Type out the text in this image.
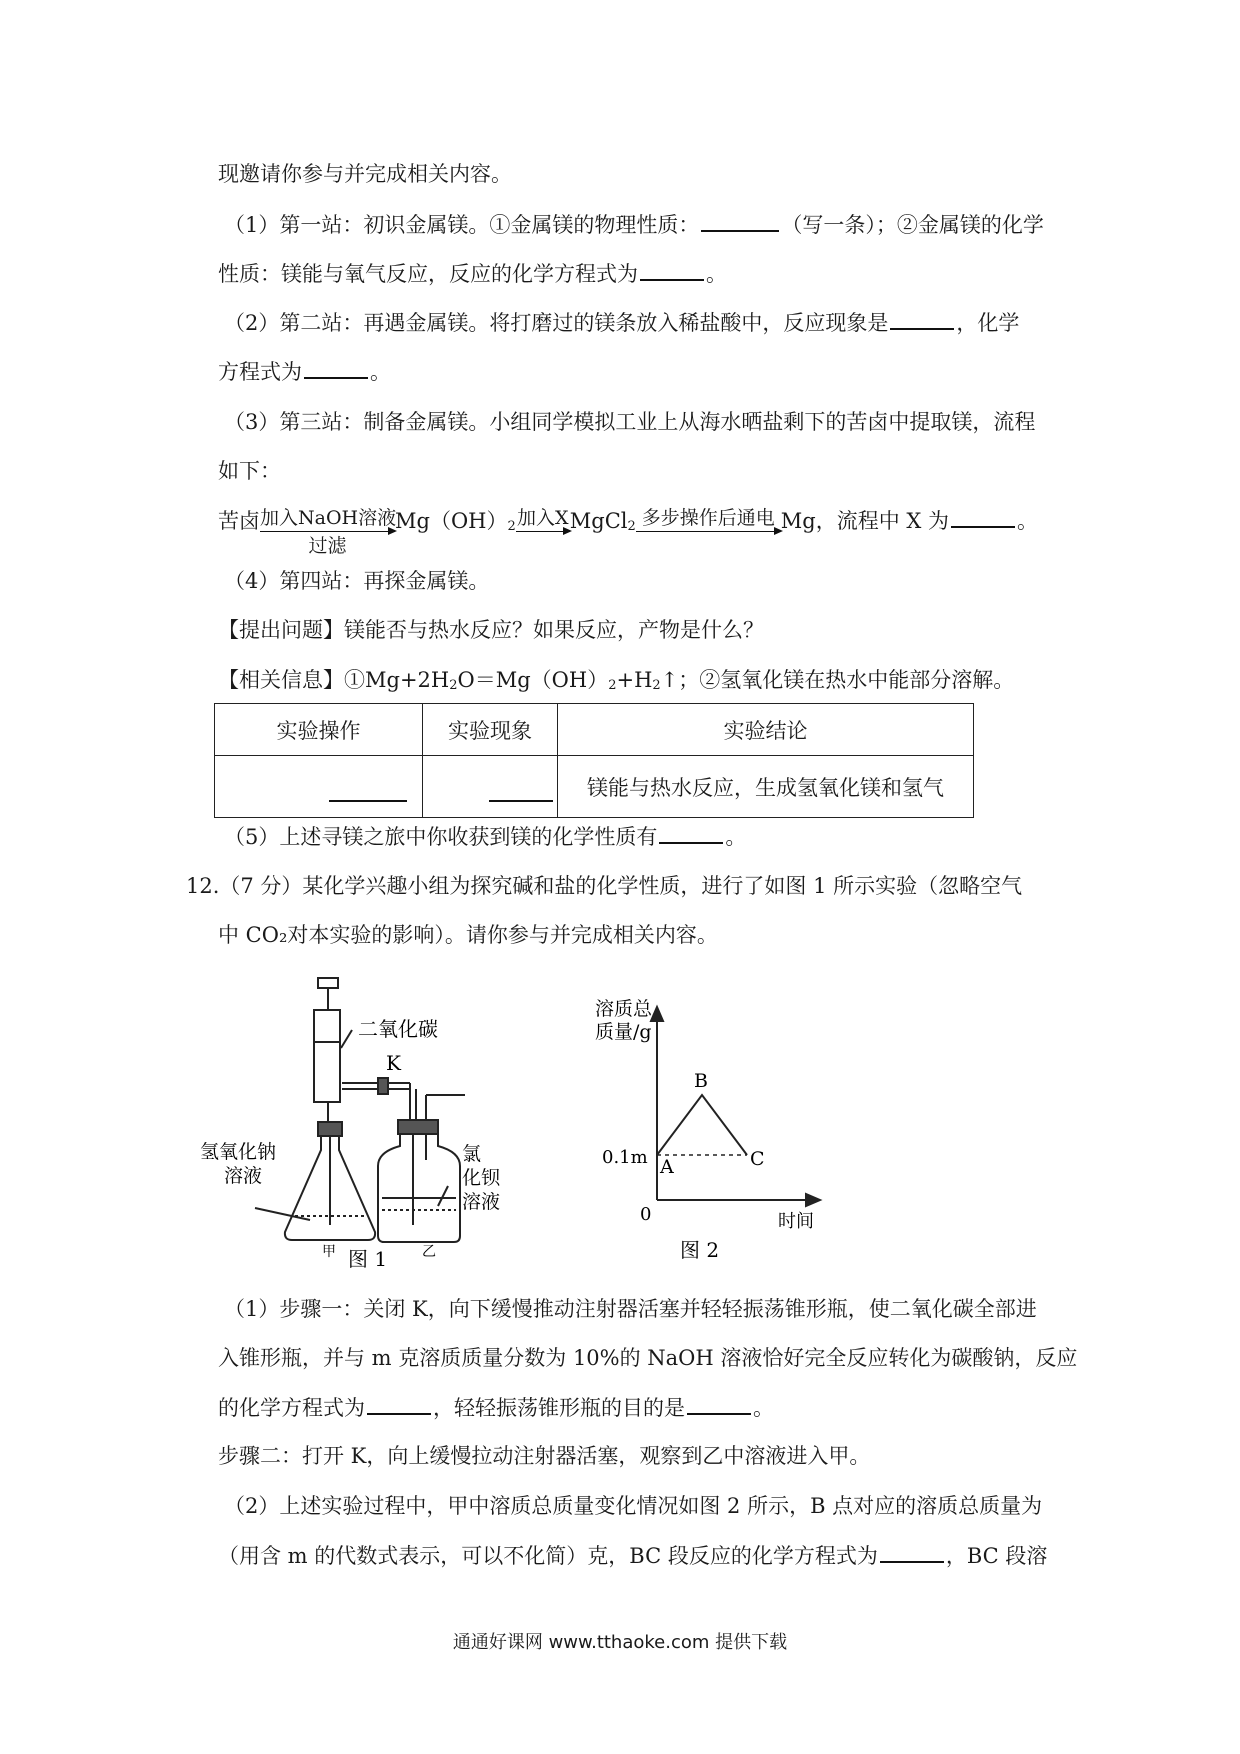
现邀请你参与并完成相关内容。
（1）第一站：初识金属镁。①金属镁的物理性质：	（写一条）；②金属镁的化学
性质：镁能与氧气反应，反应的化学方程式为	。
（2）第二站：再遇金属镁。将打磨过的镁条放入稀盐酸中，反应现象是	，化学
方程式为	。
（3）第三站：制备金属镁。小组同学模拟工业上从海水晒盐剩下的苦卤中提取镁，流程
如下：
苦卤 加入NaOH溶液
过滤
$Mg(OH)_2$ 加入X MgCl$_2$ 多步操作后通电 Mg，流程中 X 为	。
（4）第四站：再探金属镁。
【提出问题】镁能否与热水反应？如果反应，产物是什么？
【相关信息】$①Mg+2H_2O=Mg(OH)_2+H_2↑$；②氢氧化镁在热水中能部分溶解。
实验操作	实验现象	实验结论
		镁能与热水反应，生成氢氧化镁和氢气
（5）上述寻镁之旅中你收获到镁的化学性质有	。
12.（7 分）某化学兴趣小组为探究碱和盐的化学性质，进行了如图 1 所示实验（忽略空气
中 CO₂对本实验的影响）。请你参与并完成相关内容。
二氧化碳
K
氢氧化钠
溶液
氯
化钡
溶液
甲	乙
图 1
溶质总
质量/g
0.1m
0
A
B
C
时间
图 2
（1）步骤一：关闭 K，向下缓慢推动注射器活塞并轻轻振荡锥形瓶，使二氧化碳全部进
入锥形瓶，并与 m 克溶质质量分数为 10%的 NaOH 溶液恰好完全反应转化为碳酸钠，反应
的化学方程式为	，轻轻振荡锥形瓶的目的是	。
步骤二：打开 K，向上缓慢拉动注射器活塞，观察到乙中溶液进入甲。
（2）上述实验过程中，甲中溶质总质量变化情况如图 2 所示，B 点对应的溶质总质量为
（用含 m 的代数式表示，可以不化简）克，BC 段反应的化学方程式为	，BC 段溶
通通好课网 www.tthaoke.com 提供下载
